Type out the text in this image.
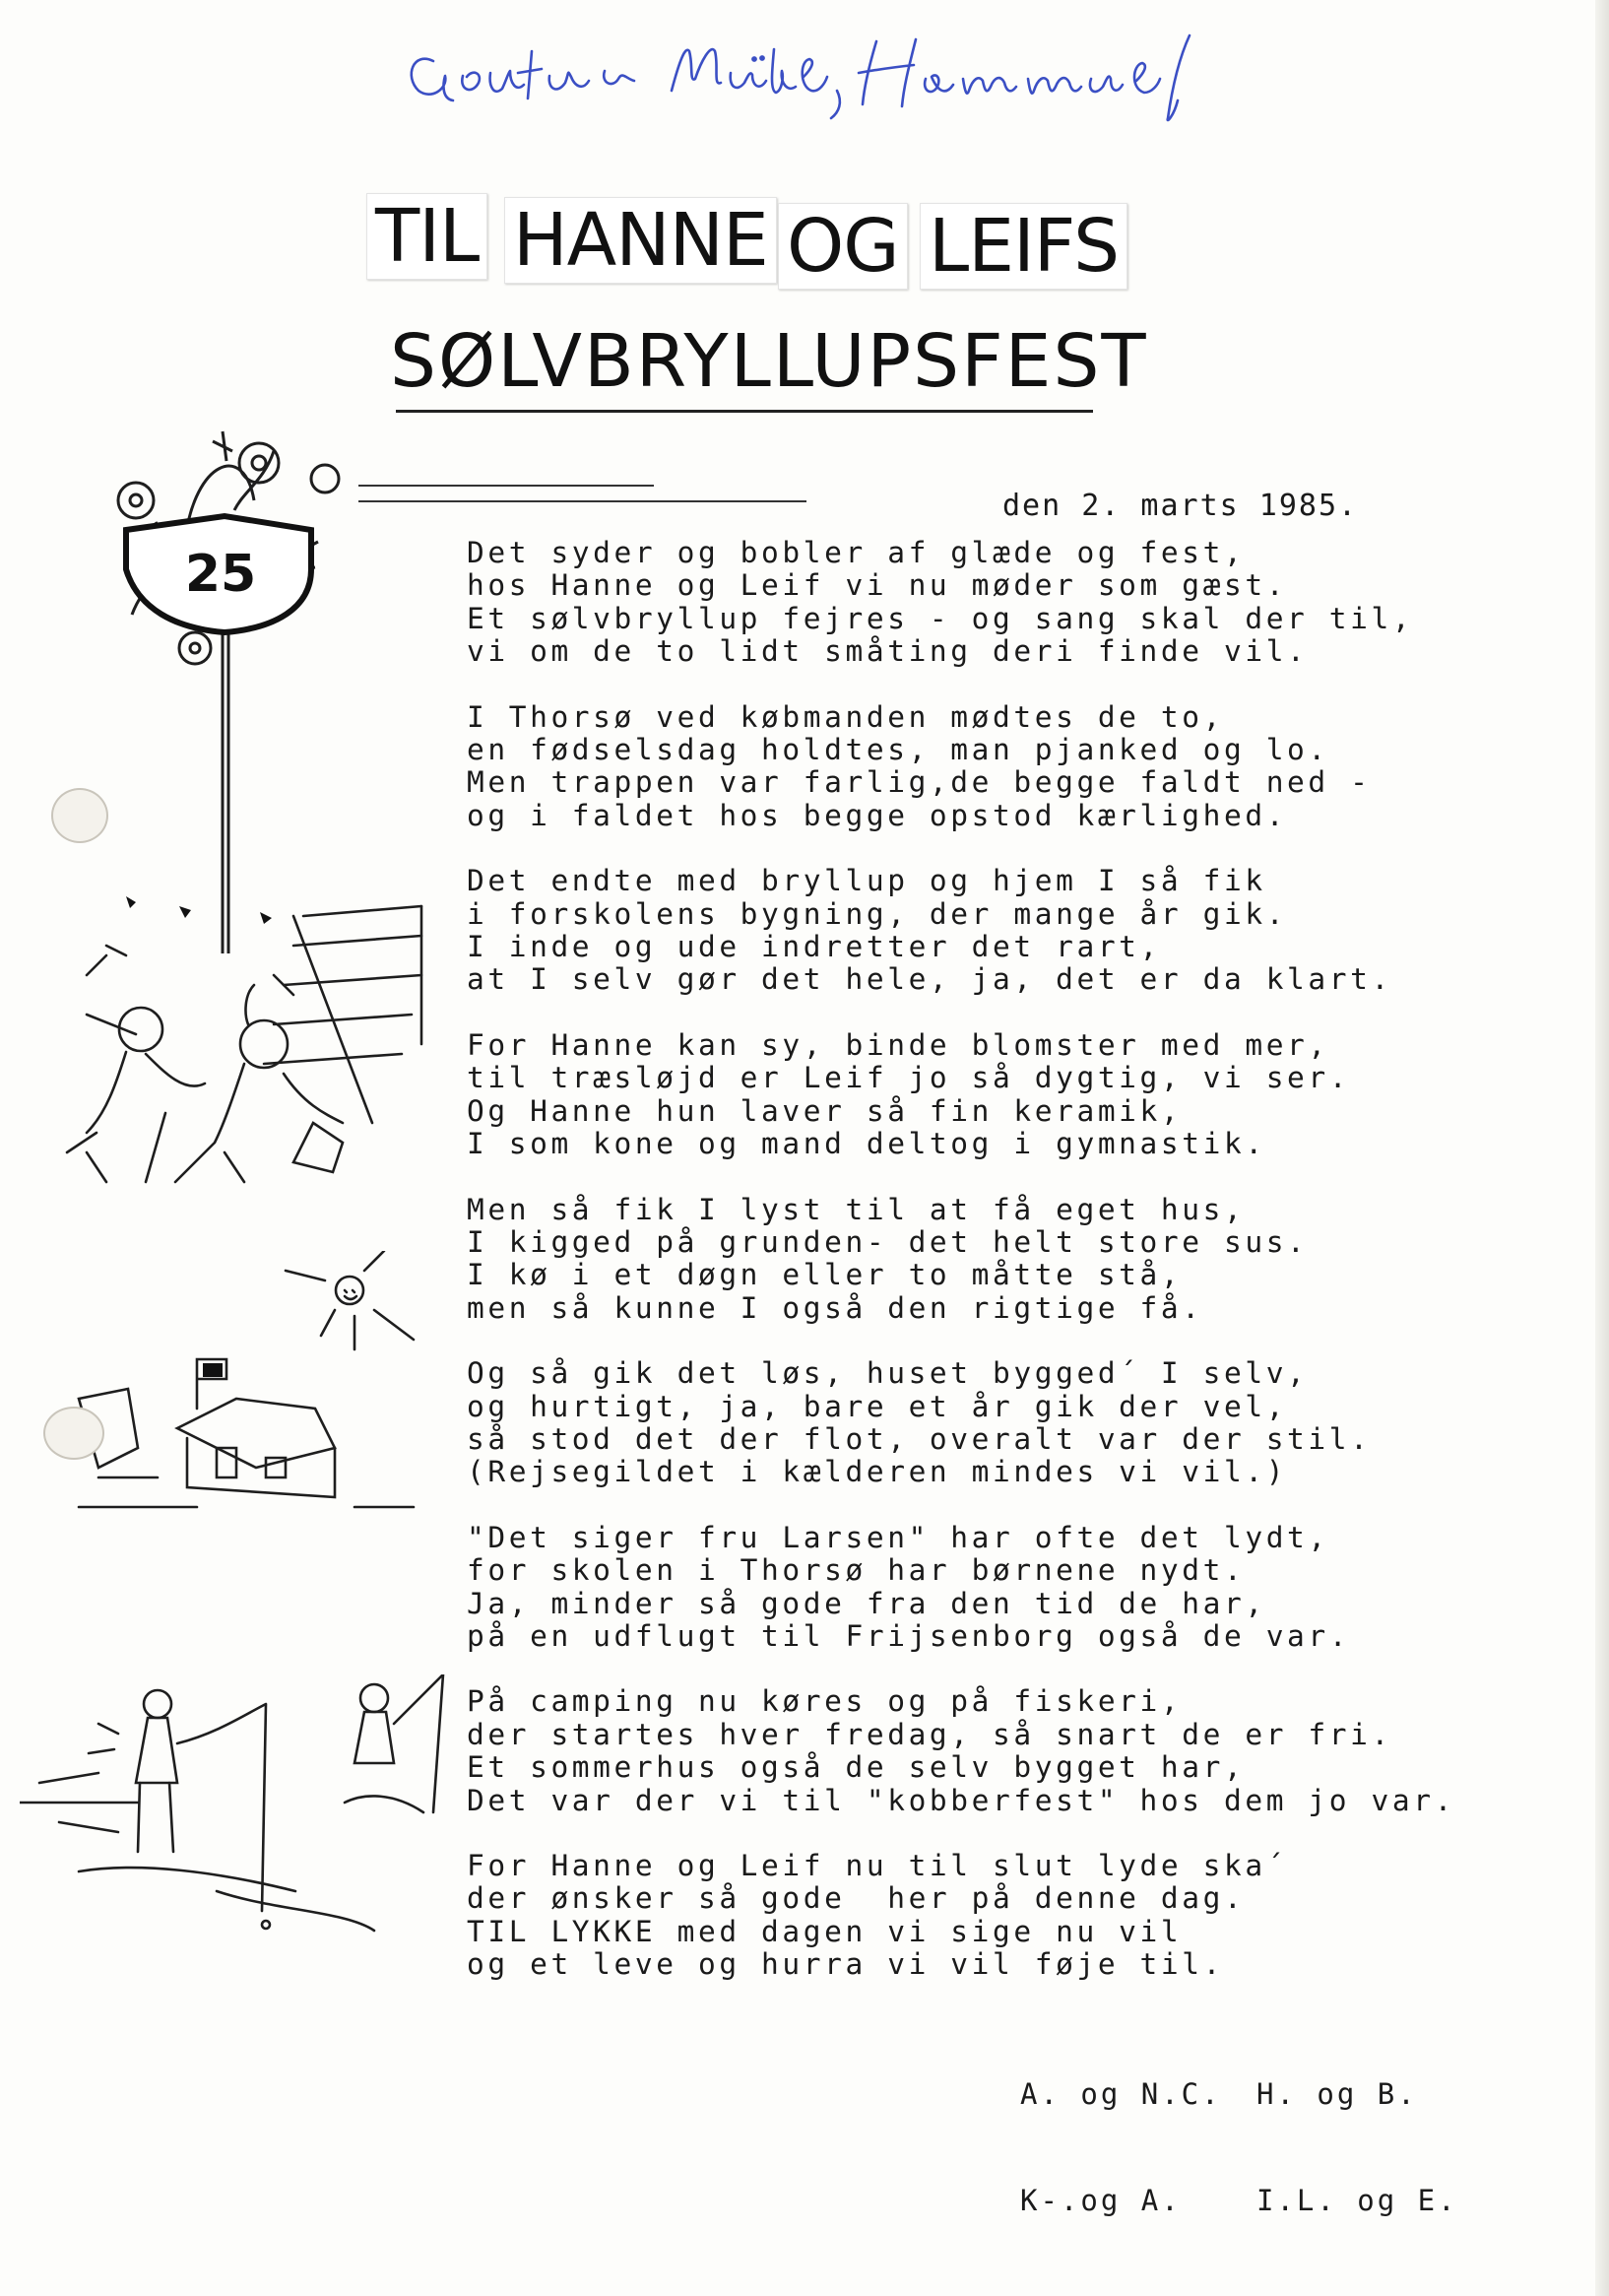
TIL HANNE OG LEIFS
SØLVBRYLLUPSFEST
25
den 2. marts 1985.
Det syder og bobler af glæde og fest,
hos Hanne og Leif vi nu møder som gæst.
Et sølvbryllup fejres - og sang skal der til,
vi om de to lidt småting deri finde vil.
I Thorsø ved købmanden mødtes de to,
en fødselsdag holdtes, man pjanked og lo.
Men trappen var farlig,de begge faldt ned -
og i faldet hos begge opstod kærlighed.
Det endte med bryllup og hjem I så fik
i forskolens bygning, der mange år gik.
I inde og ude indretter det rart,
at I selv gør det hele, ja, det er da klart.
For Hanne kan sy, binde blomster med mer,
til træsløjd er Leif jo så dygtig, vi ser.
Og Hanne hun laver så fin keramik,
I som kone og mand deltog i gymnastik.
Men så fik I lyst til at få eget hus,
I kigged på grunden- det helt store sus.
I kø i et døgn eller to måtte stå,
men så kunne I også den rigtige få.
Og så gik det løs, huset bygged´ I selv,
og hurtigt, ja, bare et år gik der vel,
så stod det der flot, overalt var der stil.
(Rejsegildet i kælderen mindes vi vil.)
"Det siger fru Larsen" har ofte det lydt,
for skolen i Thorsø har børnene nydt.
Ja, minder så gode fra den tid de har,
på en udflugt til Frijsenborg også de var.
På camping nu køres og på fiskeri,
der startes hver fredag, så snart de er fri.
Et sommerhus også de selv bygget har,
Det var der vi til "kobberfest" hos dem jo var.
For Hanne og Leif nu til slut lyde ska´
der ønsker så gode  her på denne dag.
TIL LYKKE med dagen vi sige nu vil
og et leve og hurra vi vil føje til.

A. og N.C.	H. og B.

K-.og A.	I.L. og E.
